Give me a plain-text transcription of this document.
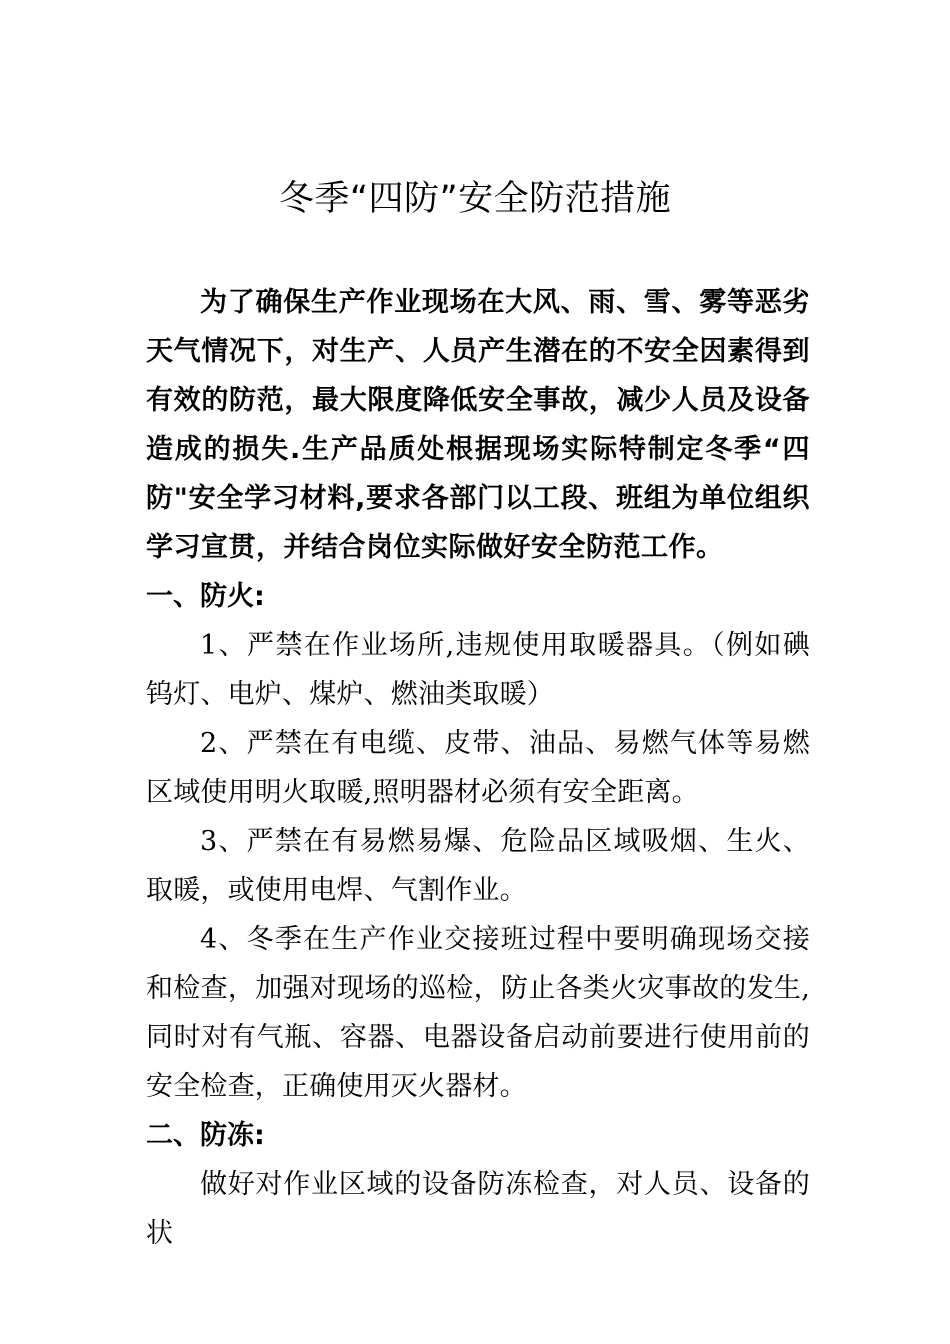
冬季“四防”安全防范措施

为了确保生产作业现场在大风、雨、雪、雾等恶劣天气情况下，对生产、人员产生潜在的不安全因素得到有效的防范，最大限度降低安全事故，减少人员及设备造成的损失.生产品质处根据现场实际特制定冬季“四防"安全学习材料,要求各部门以工段、班组为单位组织学习宣贯，并结合岗位实际做好安全防范工作。

一、防火:

1、严禁在作业场所,违规使用取暖器具。（例如碘钨灯、电炉、煤炉、燃油类取暖）

2、严禁在有电缆、皮带、油品、易燃气体等易燃区域使用明火取暖,照明器材必须有安全距离。

3、严禁在有易燃易爆、危险品区域吸烟、生火、取暖，或使用电焊、气割作业。

4、冬季在生产作业交接班过程中要明确现场交接和检查，加强对现场的巡检，防止各类火灾事故的发生,同时对有气瓶、容器、电器设备启动前要进行使用前的安全检查，正确使用灭火器材。

二、防冻:

做好对作业区域的设备防冻检查，对人员、设备的状
